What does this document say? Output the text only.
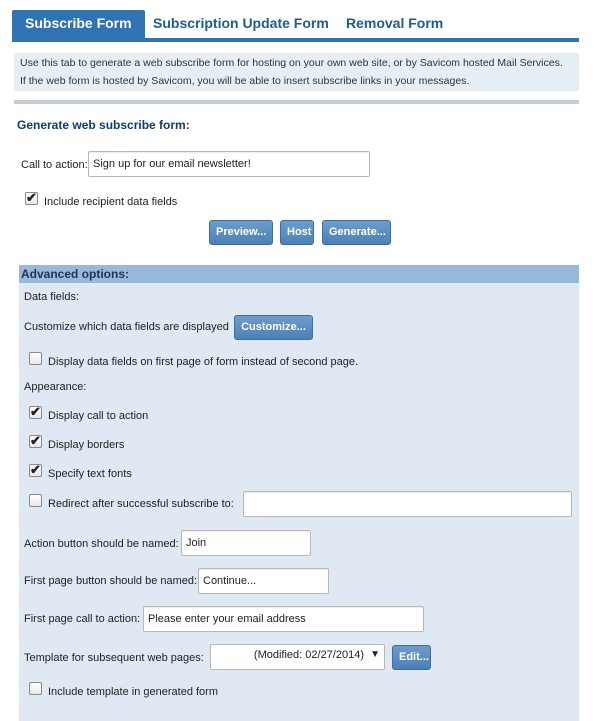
Subscribe Form	Subscription Update Form Removal Form
Use this tab to generate a web subscribe form for hosting on your own web site, or by Savicom hosted Mail Services.
If the web form is hosted by Savicom, you will be able to insert subscribe links in your messages.
Generate web subscribe form:
Call to action:
Sign up for our email newsletter!
✔ Include recipient data fields
Preview...	Host	Generate...
Advanced options:
Data fields:
Customize which data fields are displayed	Customize...
Display data fields on first page of form instead of second page.
Appearance:
✔ Display call to action
✔ Display borders
✔ Specify text fonts
Redirect after successful subscribe to:
Action button should be named:
Join
First page button should be named:
Continue...
First page call to action:
Please enter your email address
Template for subsequent web pages:	(Modified: 02/27/2014) ▼	Edit...
Include template in generated form
